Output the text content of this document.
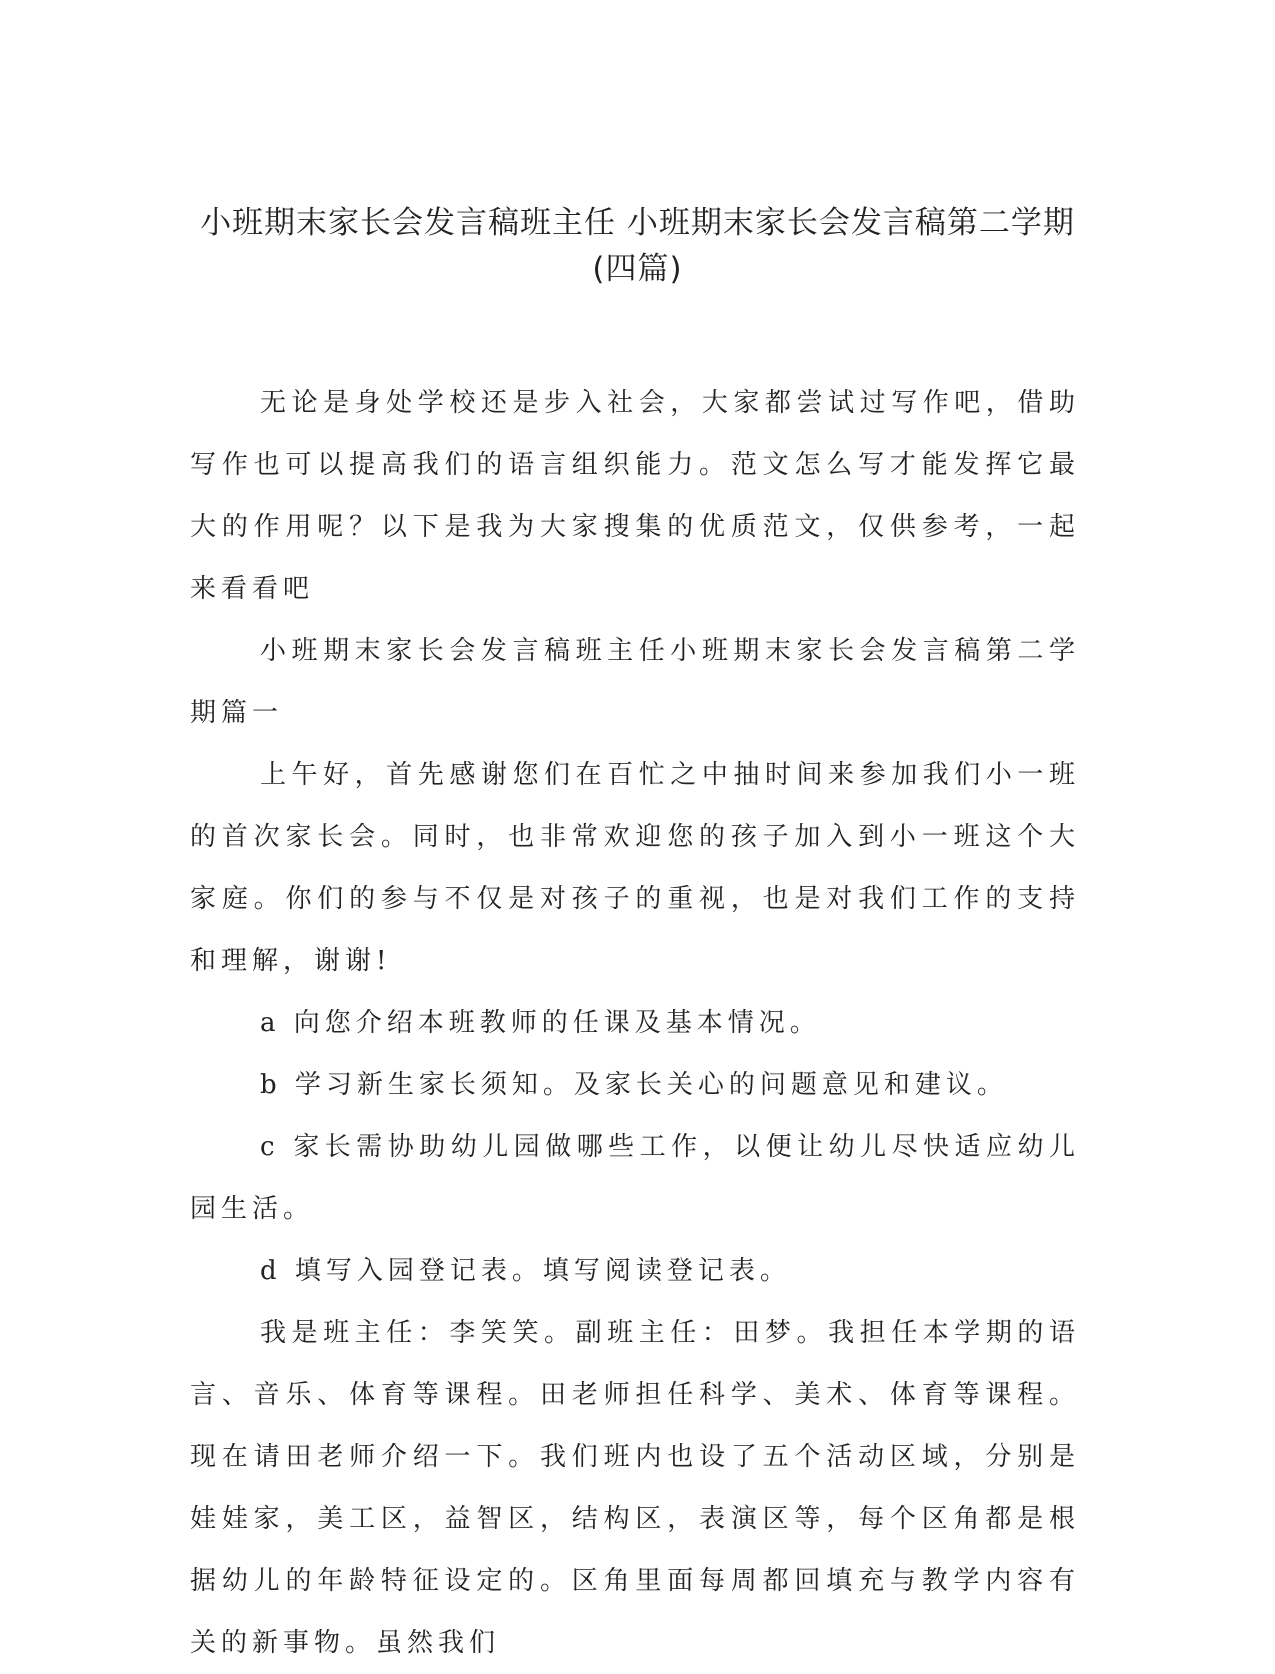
小班期末家长会发言稿班主任 小班期末家长会发言稿第二学期(四篇)

无论是身处学校还是步入社会，大家都尝试过写作吧，借助写作也可以提高我们的语言组织能力。范文怎么写才能发挥它最大的作用呢？以下是我为大家搜集的优质范文，仅供参考，一起来看看吧

小班期末家长会发言稿班主任小班期末家长会发言稿第二学期篇一

上午好，首先感谢您们在百忙之中抽时间来参加我们小一班的首次家长会。同时，也非常欢迎您的孩子加入到小一班这个大家庭。你们的参与不仅是对孩子的重视，也是对我们工作的支持和理解，谢谢!

a 向您介绍本班教师的任课及基本情况。

b 学习新生家长须知。及家长关心的问题意见和建议。

c 家长需协助幼儿园做哪些工作，以便让幼儿尽快适应幼儿园生活。

d 填写入园登记表。填写阅读登记表。

我是班主任：李笑笑。副班主任：田梦。我担任本学期的语言、音乐、体育等课程。田老师担任科学、美术、体育等课程。现在请田老师介绍一下。我们班内也设了五个活动区域，分别是娃娃家，美工区，益智区，结构区，表演区等，每个区角都是根据幼儿的年龄特征设定的。区角里面每周都回填充与教学内容有关的新事物。虽然我们
